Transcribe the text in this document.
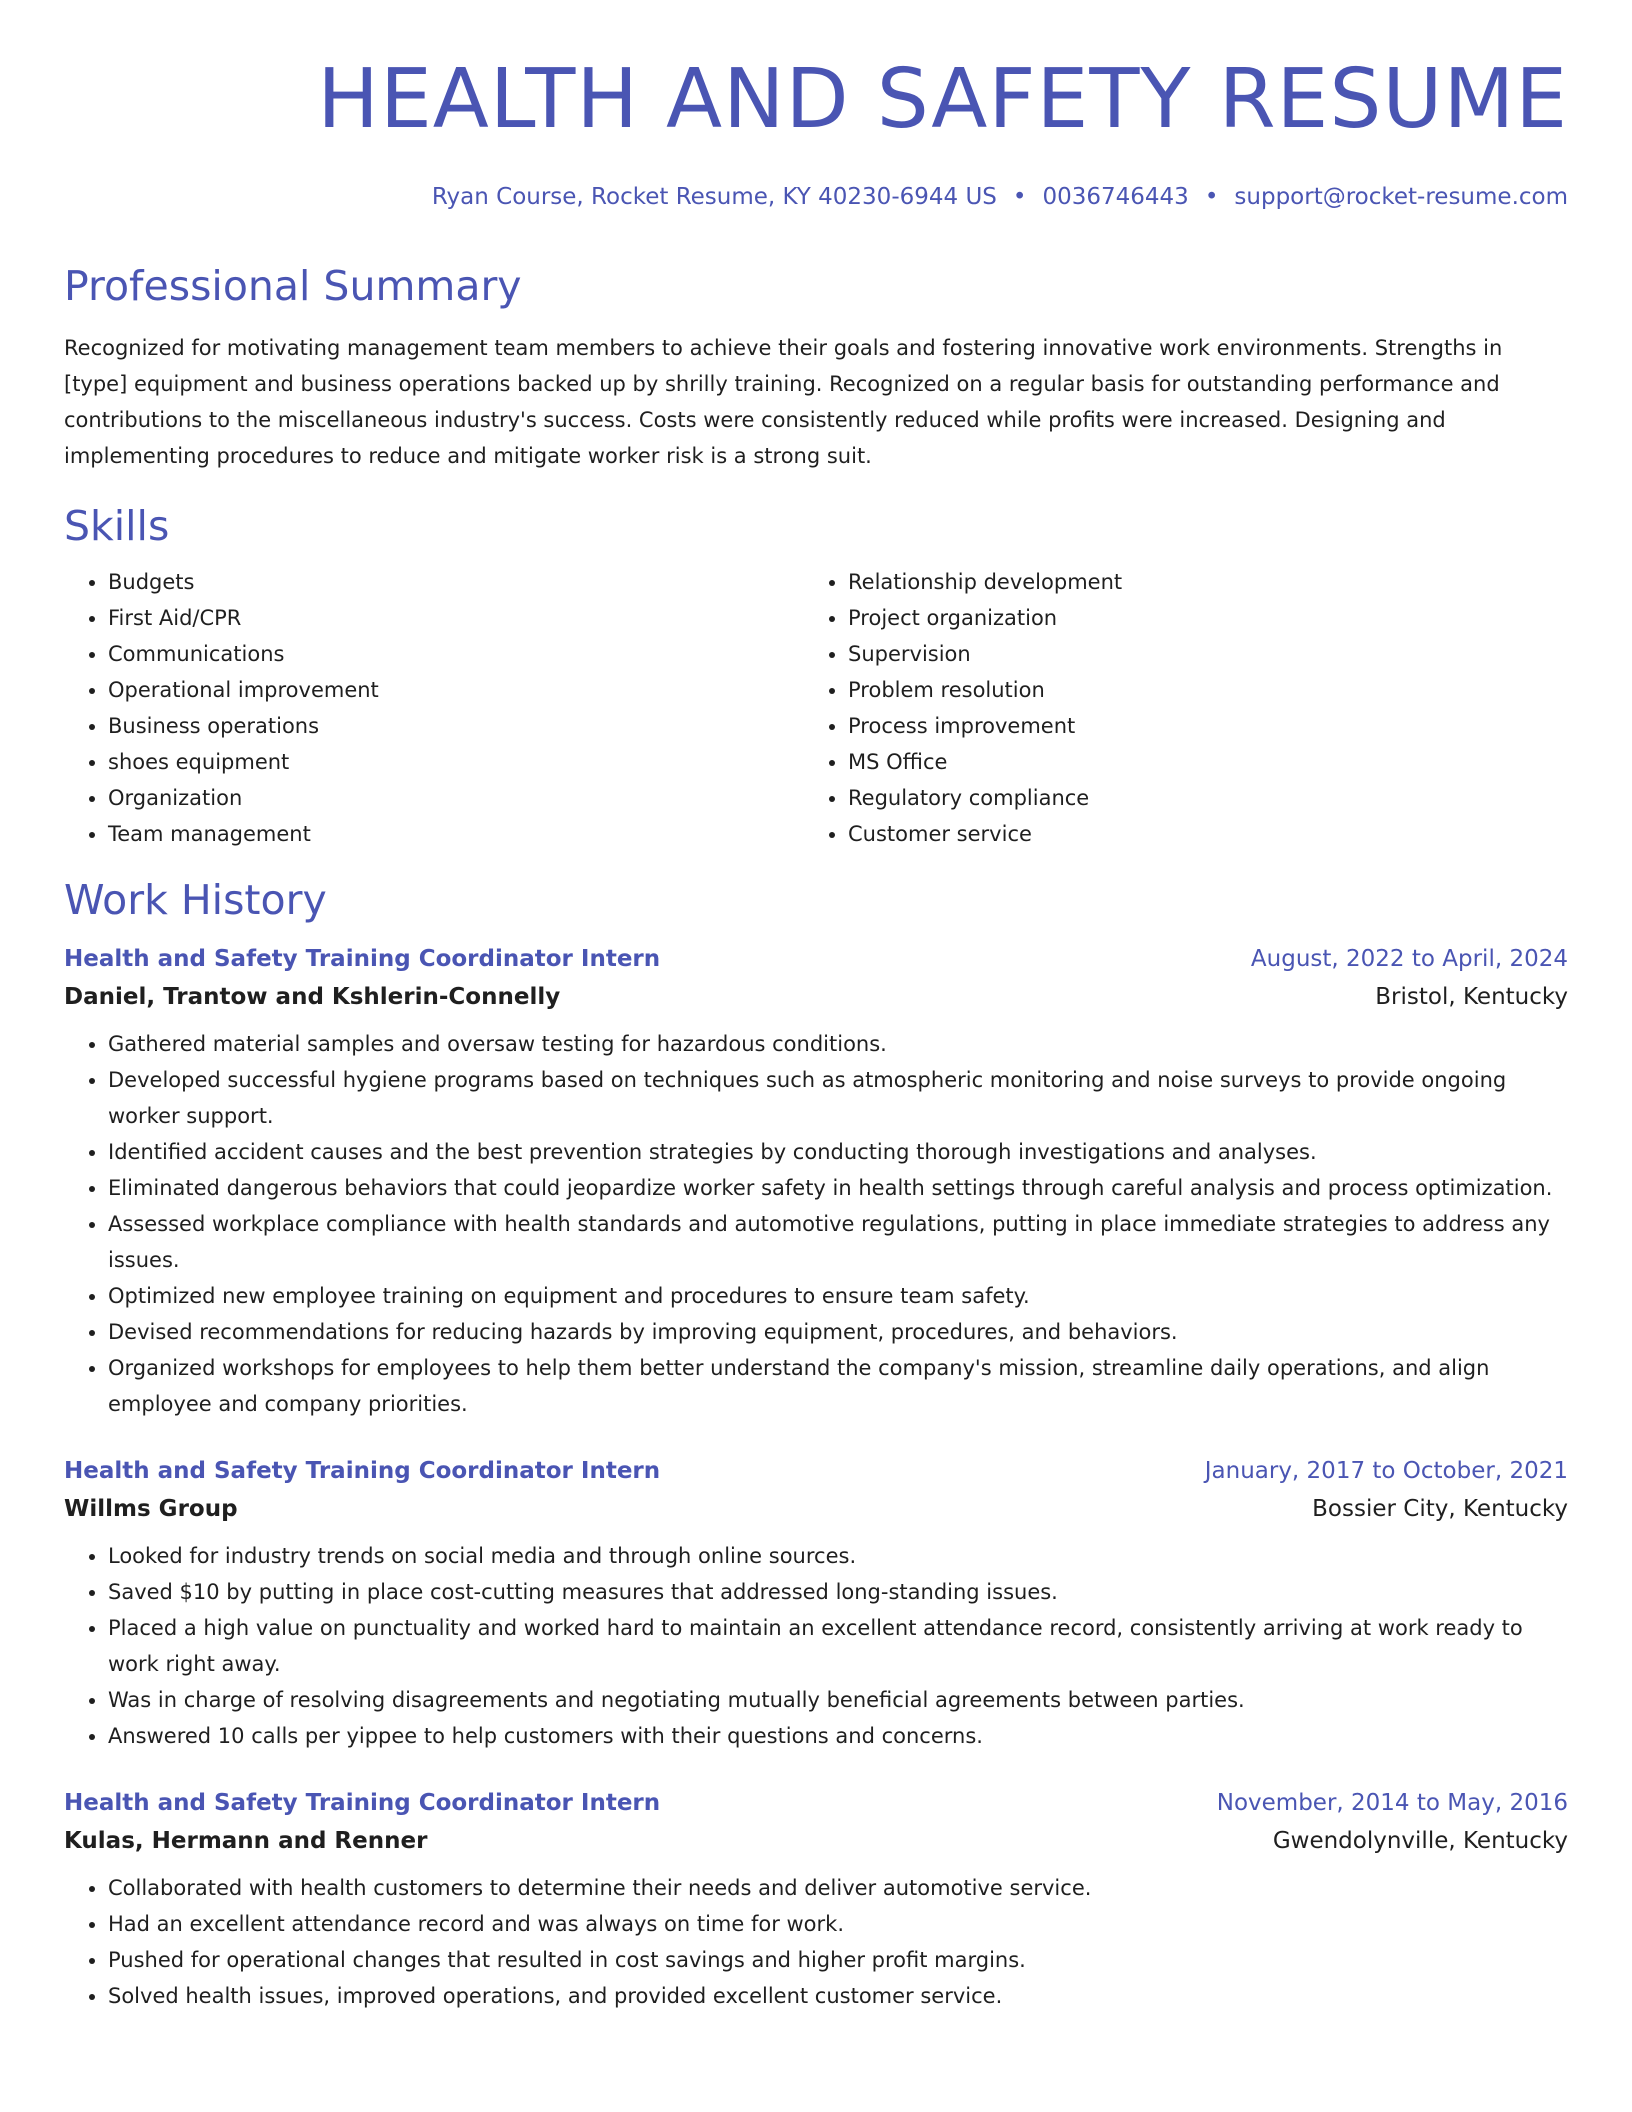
HEALTH AND SAFETY RESUME
Ryan Course, Rocket Resume, KY 40230-6944 US • 0036746443 • support@rocket-resume.com
Professional Summary
Recognized for motivating management team members to achieve their goals and fostering innovative work environments. Strengths in [type] equipment and business operations backed up by shrilly training. Recognized on a regular basis for outstanding performance and contributions to the miscellaneous industry's success. Costs were consistently reduced while profits were increased. Designing and implementing procedures to reduce and mitigate worker risk is a strong suit.
Skills
• Budgets
• First Aid/CPR
• Communications
• Operational improvement
• Business operations
• shoes equipment
• Organization
• Team management
• Relationship development
• Project organization
• Supervision
• Problem resolution
• Process improvement
• MS Office
• Regulatory compliance
• Customer service
Work History
Health and Safety Training Coordinator Intern	August, 2022 to April, 2024
Daniel, Trantow and Kshlerin-Connelly	Bristol, Kentucky
• Gathered material samples and oversaw testing for hazardous conditions.
• Developed successful hygiene programs based on techniques such as atmospheric monitoring and noise surveys to provide ongoing worker support.
• Identified accident causes and the best prevention strategies by conducting thorough investigations and analyses.
• Eliminated dangerous behaviors that could jeopardize worker safety in health settings through careful analysis and process optimization.
• Assessed workplace compliance with health standards and automotive regulations, putting in place immediate strategies to address any issues.
• Optimized new employee training on equipment and procedures to ensure team safety.
• Devised recommendations for reducing hazards by improving equipment, procedures, and behaviors.
• Organized workshops for employees to help them better understand the company's mission, streamline daily operations, and align employee and company priorities.
Health and Safety Training Coordinator Intern	January, 2017 to October, 2021
Willms Group	Bossier City, Kentucky
• Looked for industry trends on social media and through online sources.
• Saved $10 by putting in place cost-cutting measures that addressed long-standing issues.
• Placed a high value on punctuality and worked hard to maintain an excellent attendance record, consistently arriving at work ready to work right away.
• Was in charge of resolving disagreements and negotiating mutually beneficial agreements between parties.
• Answered 10 calls per yippee to help customers with their questions and concerns.
Health and Safety Training Coordinator Intern	November, 2014 to May, 2016
Kulas, Hermann and Renner	Gwendolynville, Kentucky
• Collaborated with health customers to determine their needs and deliver automotive service.
• Had an excellent attendance record and was always on time for work.
• Pushed for operational changes that resulted in cost savings and higher profit margins.
• Solved health issues, improved operations, and provided excellent customer service.
